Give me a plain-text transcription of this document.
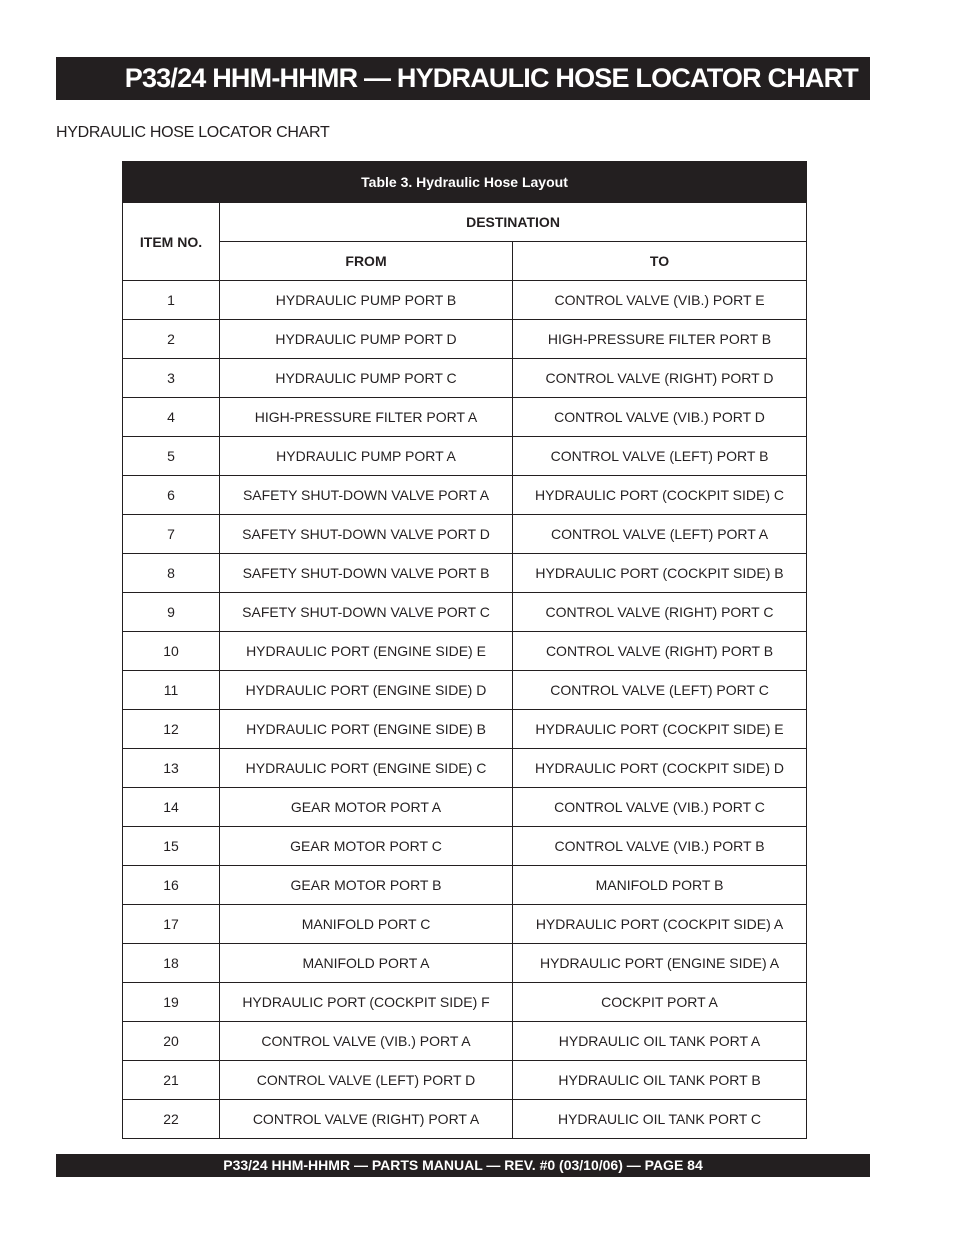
P33/24 HHM-HHMR — HYDRAULIC HOSE LOCATOR CHART
HYDRAULIC HOSE LOCATOR CHART
Table 3. Hydraulic Hose Layout		
ITEM NO.	DESTINATION	
	FROM	TO
1	HYDRAULIC PUMP PORT B	CONTROL VALVE (VIB.) PORT E
2	HYDRAULIC PUMP PORT D	HIGH-PRESSURE FILTER PORT B
3	HYDRAULIC PUMP PORT C	CONTROL VALVE (RIGHT) PORT D
4	HIGH-PRESSURE FILTER PORT A	CONTROL VALVE (VIB.) PORT D
5	HYDRAULIC PUMP PORT A	CONTROL VALVE (LEFT) PORT B
6	SAFETY SHUT-DOWN VALVE PORT A	HYDRAULIC PORT (COCKPIT SIDE) C
7	SAFETY SHUT-DOWN VALVE PORT D	CONTROL VALVE (LEFT) PORT A
8	SAFETY SHUT-DOWN VALVE PORT B	HYDRAULIC PORT (COCKPIT SIDE) B
9	SAFETY SHUT-DOWN VALVE PORT C	CONTROL VALVE (RIGHT) PORT C
10	HYDRAULIC PORT (ENGINE SIDE) E	CONTROL VALVE (RIGHT) PORT B
11	HYDRAULIC PORT (ENGINE SIDE) D	CONTROL VALVE (LEFT) PORT C
12	HYDRAULIC PORT (ENGINE SIDE) B	HYDRAULIC PORT (COCKPIT SIDE) E
13	HYDRAULIC PORT (ENGINE SIDE) C	HYDRAULIC PORT (COCKPIT SIDE) D
14	GEAR MOTOR PORT A	CONTROL VALVE (VIB.) PORT C
15	GEAR MOTOR PORT C	CONTROL VALVE (VIB.) PORT B
16	GEAR MOTOR PORT B	MANIFOLD PORT B
17	MANIFOLD PORT C	HYDRAULIC PORT (COCKPIT SIDE) A
18	MANIFOLD PORT A	HYDRAULIC PORT (ENGINE SIDE) A
19	HYDRAULIC PORT (COCKPIT SIDE) F	COCKPIT PORT A
20	CONTROL VALVE (VIB.) PORT A	HYDRAULIC OIL TANK PORT A
21	CONTROL VALVE (LEFT) PORT D	HYDRAULIC OIL TANK PORT B
22	CONTROL VALVE (RIGHT) PORT A	HYDRAULIC OIL TANK PORT C
P33/24 HHM-HHMR — PARTS MANUAL — REV. #0 (03/10/06) — PAGE 84
